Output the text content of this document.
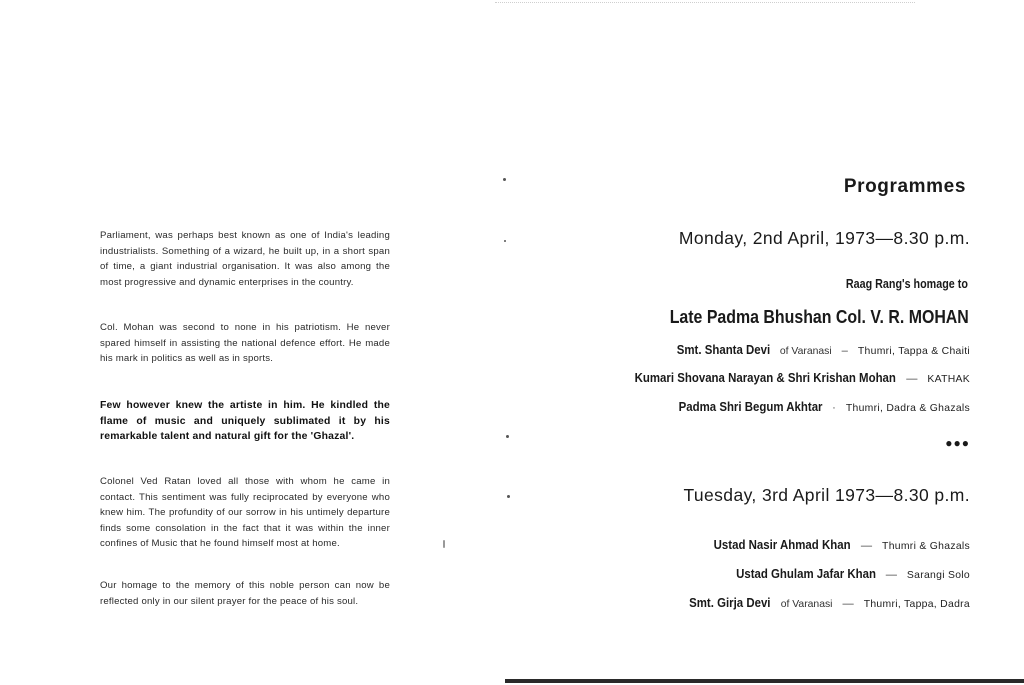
Parliament, was perhaps best known as one of India's leading industrialists. Something of a wizard, he built up, in a short span of time, a giant industrial organisation. It was also among the most progressive and dynamic enterprises in the country.

Col. Mohan was second to none in his patriotism. He never spared himself in assisting the national defence effort. He made his mark in politics as well as in sports.

Few however knew the artiste in him. He kindled the flame of music and uniquely sublimated it by his remarkable talent and natural gift for the 'Ghazal'.

Colonel Ved Ratan loved all those with whom he came in contact. This sentiment was fully reciprocated by everyone who knew him. The profundity of our sorrow in his untimely departure finds some consolation in the fact that it was within the inner confines of Music that he found himself most at home.

Our homage to the memory of this noble person can now be reflected only in our silent prayer for the peace of his soul.

Programmes
Monday, 2nd April, 1973—8.30 p.m.
Raag Rang's homage to
Late Padma Bhushan Col. V. R. MOHAN
Smt. Shanta Devi of Varanasi – Thumri, Tappa & Chaiti
Kumari Shovana Narayan & Shri Krishan Mohan — KATHAK
Padma Shri Begum Akhtar · Thumri, Dadra & Ghazals
●●●
Tuesday, 3rd April 1973—8.30 p.m.
Ustad Nasir Ahmad Khan — Thumri & Ghazals
Ustad Ghulam Jafar Khan — Sarangi Solo
Smt. Girja Devi of Varanasi — Thumri, Tappa, Dadra
